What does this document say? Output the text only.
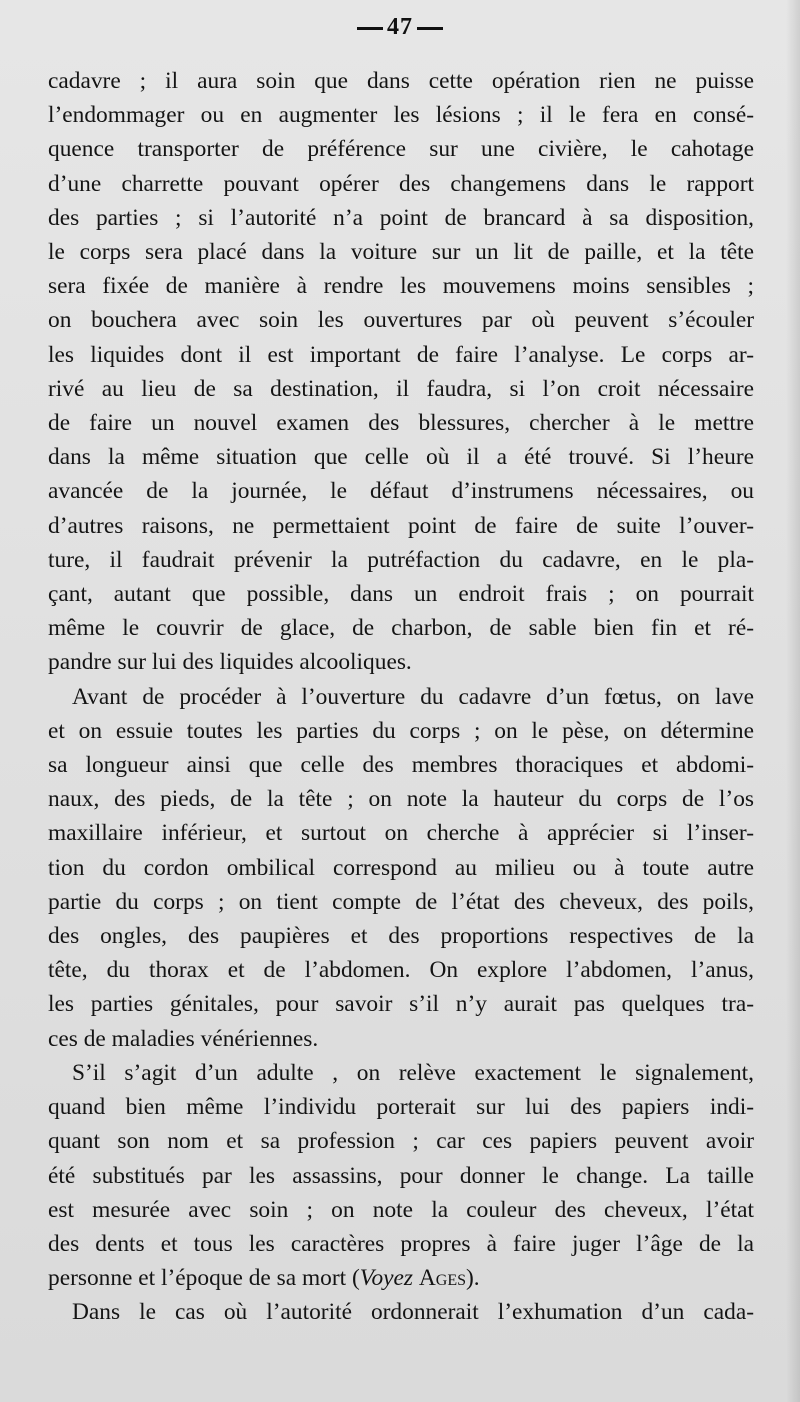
47

cadavre ; il aura soin que dans cette opération rien ne puisse
l’endommager ou en augmenter les lésions ; il le fera en consé-
quence transporter de préférence sur une civière, le cahotage
d’une charrette pouvant opérer des changemens dans le rapport
des parties ; si l’autorité n’a point de brancard à sa disposition,
le corps sera placé dans la voiture sur un lit de paille, et la tête
sera fixée de manière à rendre les mouvemens moins sensibles ;
on bouchera avec soin les ouvertures par où peuvent s’écouler
les liquides dont il est important de faire l’analyse. Le corps ar-
rivé au lieu de sa destination, il faudra, si l’on croit nécessaire
de faire un nouvel examen des blessures, chercher à le mettre
dans la même situation que celle où il a été trouvé. Si l’heure
avancée de la journée, le défaut d’instrumens nécessaires, ou
d’autres raisons, ne permettaient point de faire de suite l’ouver-
ture, il faudrait prévenir la putréfaction du cadavre, en le pla-
çant, autant que possible, dans un endroit frais ; on pourrait
même le couvrir de glace, de charbon, de sable bien fin et ré-
pandre sur lui des liquides alcooliques.

Avant de procéder à l’ouverture du cadavre d’un fœtus, on lave
et on essuie toutes les parties du corps ; on le pèse, on détermine
sa longueur ainsi que celle des membres thoraciques et abdomi-
naux, des pieds, de la tête ; on note la hauteur du corps de l’os
maxillaire inférieur, et surtout on cherche à apprécier si l’inser-
tion du cordon ombilical correspond au milieu ou à toute autre
partie du corps ; on tient compte de l’état des cheveux, des poils,
des ongles, des paupières et des proportions respectives de la
tête, du thorax et de l’abdomen. On explore l’abdomen, l’anus,
les parties génitales, pour savoir s’il n’y aurait pas quelques tra-
ces de maladies vénériennes.

S’il s’agit d’un adulte , on relève exactement le signalement,
quand bien même l’individu porterait sur lui des papiers indi-
quant son nom et sa profession ; car ces papiers peuvent avoir
été substitués par les assassins, pour donner le change. La taille
est mesurée avec soin ; on note la couleur des cheveux, l’état
des dents et tous les caractères propres à faire juger l’âge de la
personne et l’époque de sa mort (Voyez Ages).

Dans le cas où l’autorité ordonnerait l’exhumation d’un cada-
